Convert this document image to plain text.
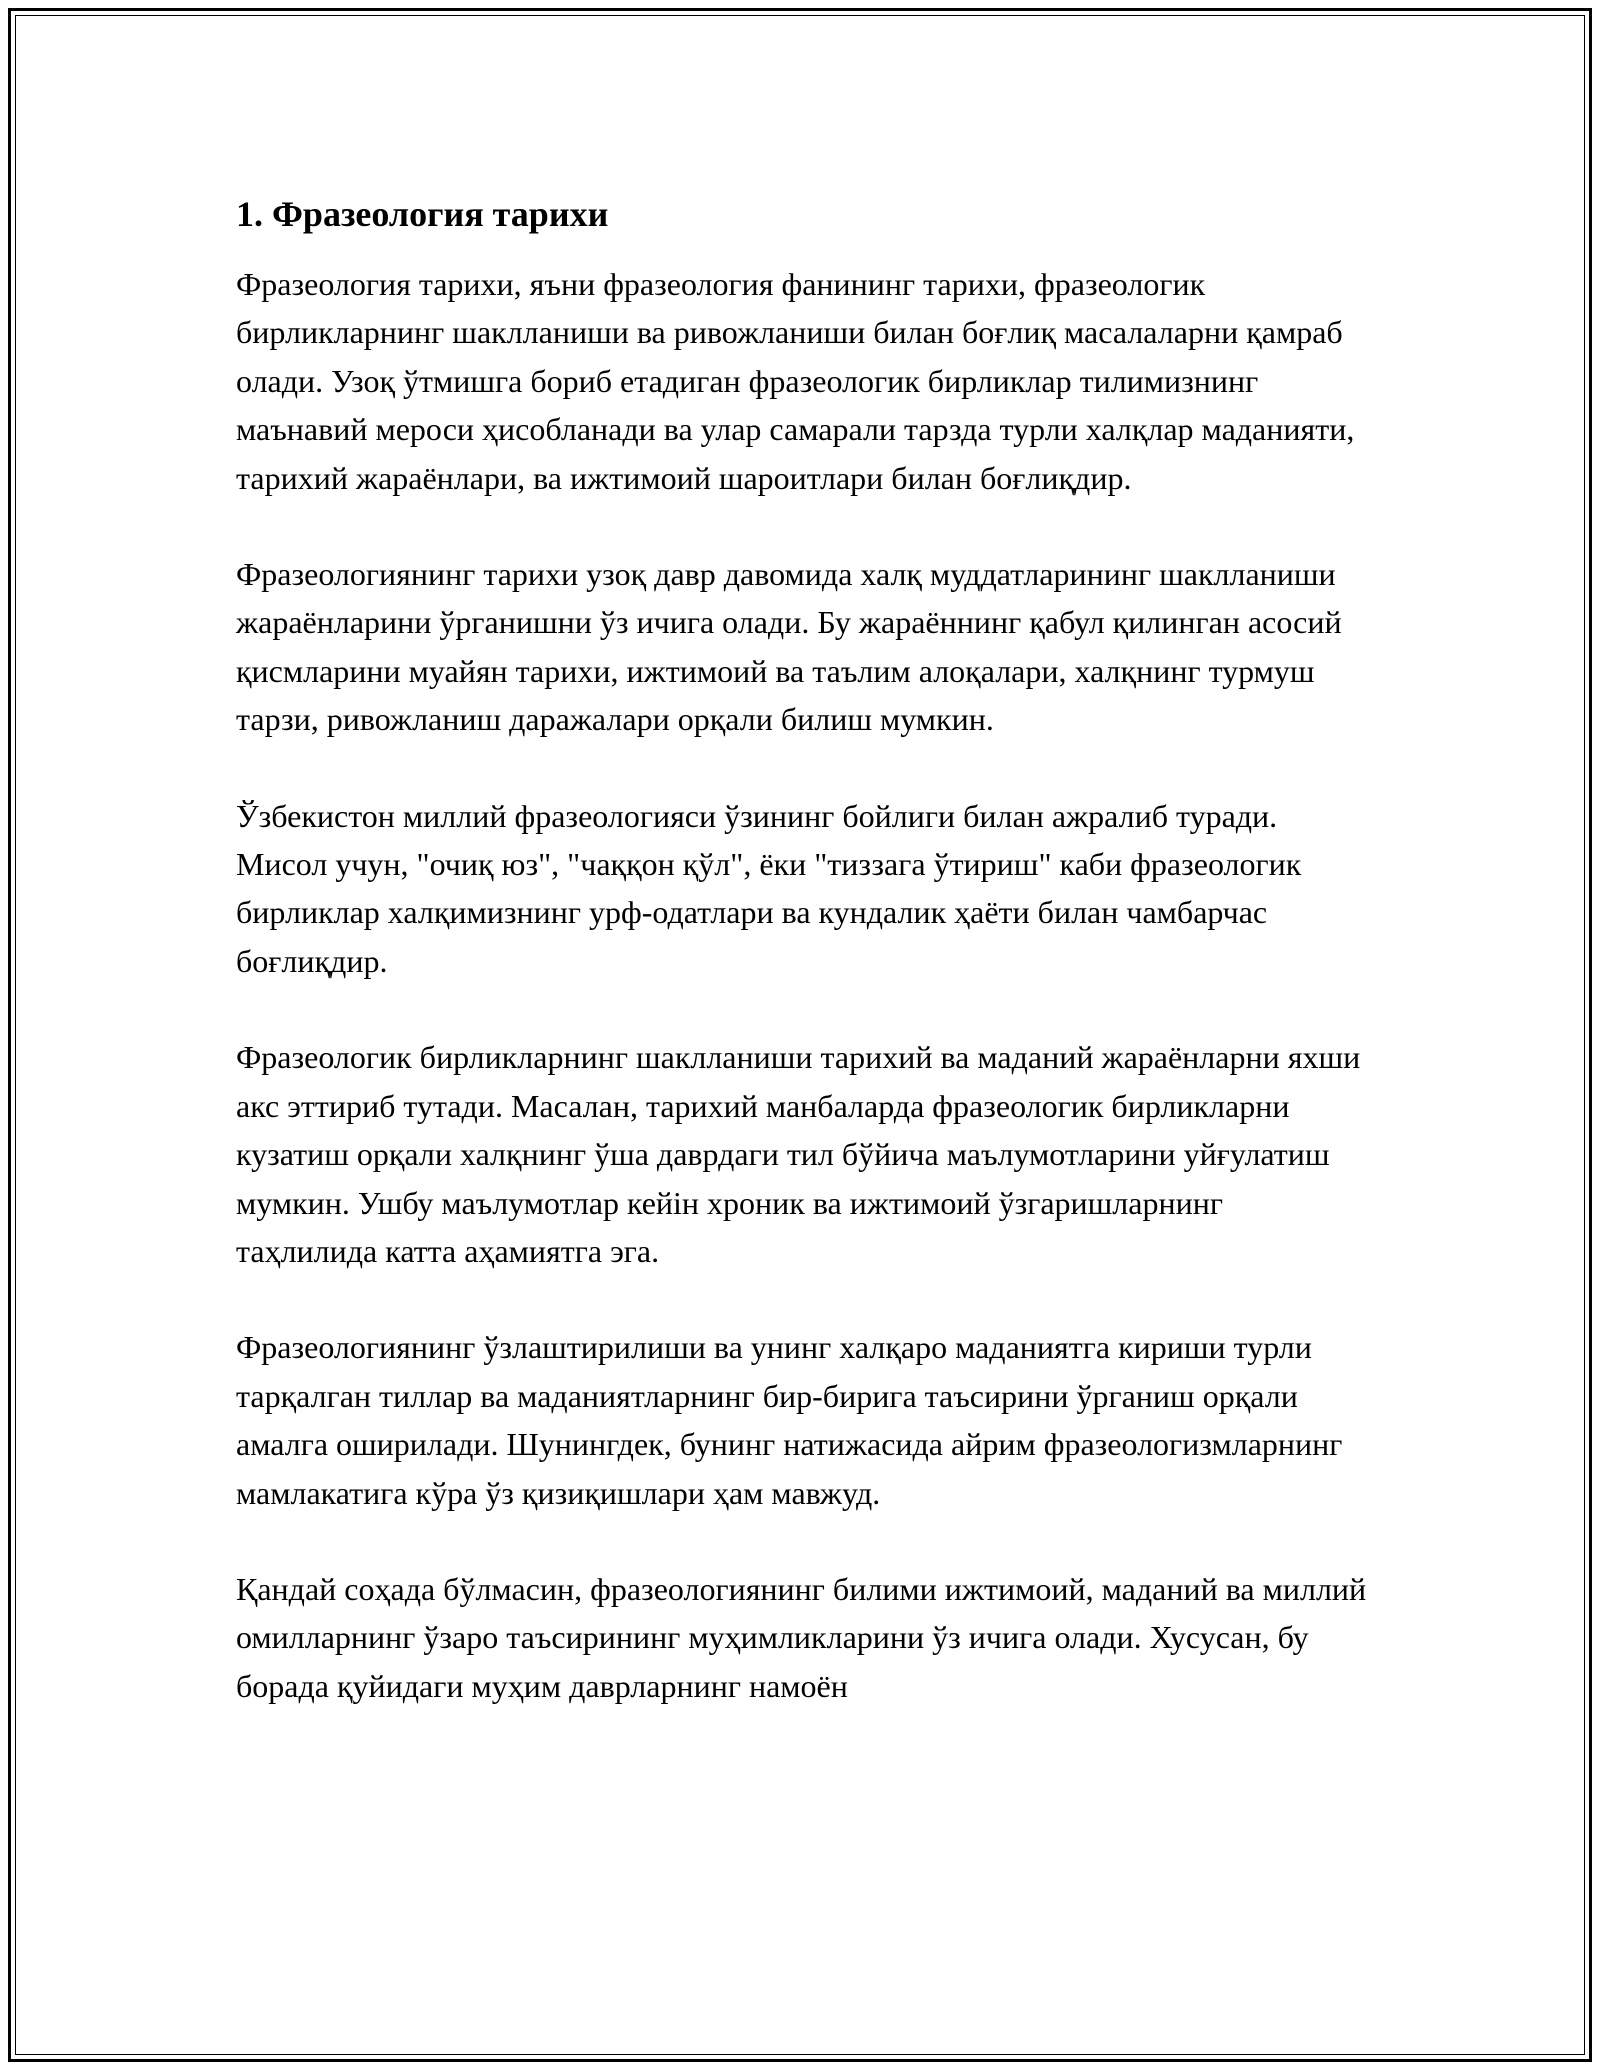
1. Фразеология тарихи

Фразеология тарихи, яъни фразеология фанининг тарихи, фразеологик бирликларнинг шаклланиши ва ривожланиши билан боғлиқ масалаларни қамраб олади. Узоқ ўтмишга бориб етадиган фразеологик бирликлар тилимизнинг маънавий мероси ҳисобланади ва улар самарали тарзда турли халқлар маданияти, тарихий жараёнлари, ва ижтимоий шароитлари билан боғлиқдир.

Фразеологиянинг тарихи узоқ давр давомида халқ муддатларининг шаклланиши жараёнларини ўрганишни ўз ичига олади. Бу жараённинг қабул қилинган асосий қисмларини муайян тарихи, ижтимоий ва таълим алоқалари, халқнинг турмуш тарзи, ривожланиш даражалари орқали билиш мумкин.

Ўзбекистон миллий фразеологияси ўзининг бойлиги билан ажралиб туради. Мисол учун, "очиқ юз", "чаққон қўл", ёки "тиззага ўтириш" каби фразеологик бирликлар халқимизнинг урф-одатлари ва кундалик ҳаёти билан чамбарчас боғлиқдир.

Фразеологик бирликларнинг шаклланиши тарихий ва маданий жараёнларни яхши акс эттириб тутади. Масалан, тарихий манбаларда фразеологик бирликларни кузатиш орқали халқнинг ўша даврдаги тил бўйича маълумотларини уйғулатиш мумкин. Ушбу маълумотлар кейін хроник ва ижтимоий ўзгаришларнинг таҳлилида катта аҳамиятга эга.

Фразеологиянинг ўзлаштирилиши ва унинг халқаро маданиятга кириши турли тарқалган тиллар ва маданиятларнинг бир-бирига таъсирини ўрганиш орқали амалга оширилади. Шунингдек, бунинг натижасида айрим фразеологизмларнинг мамлакатига кўра ўз қизиқишлари ҳам мавжуд.

Қандай соҳада бўлмасин, фразеологиянинг билими ижтимоий, маданий ва миллий омилларнинг ўзаро таъсирининг муҳимликларини ўз ичига олади. Хусусан, бу борада қуйидаги муҳим даврларнинг намоён
